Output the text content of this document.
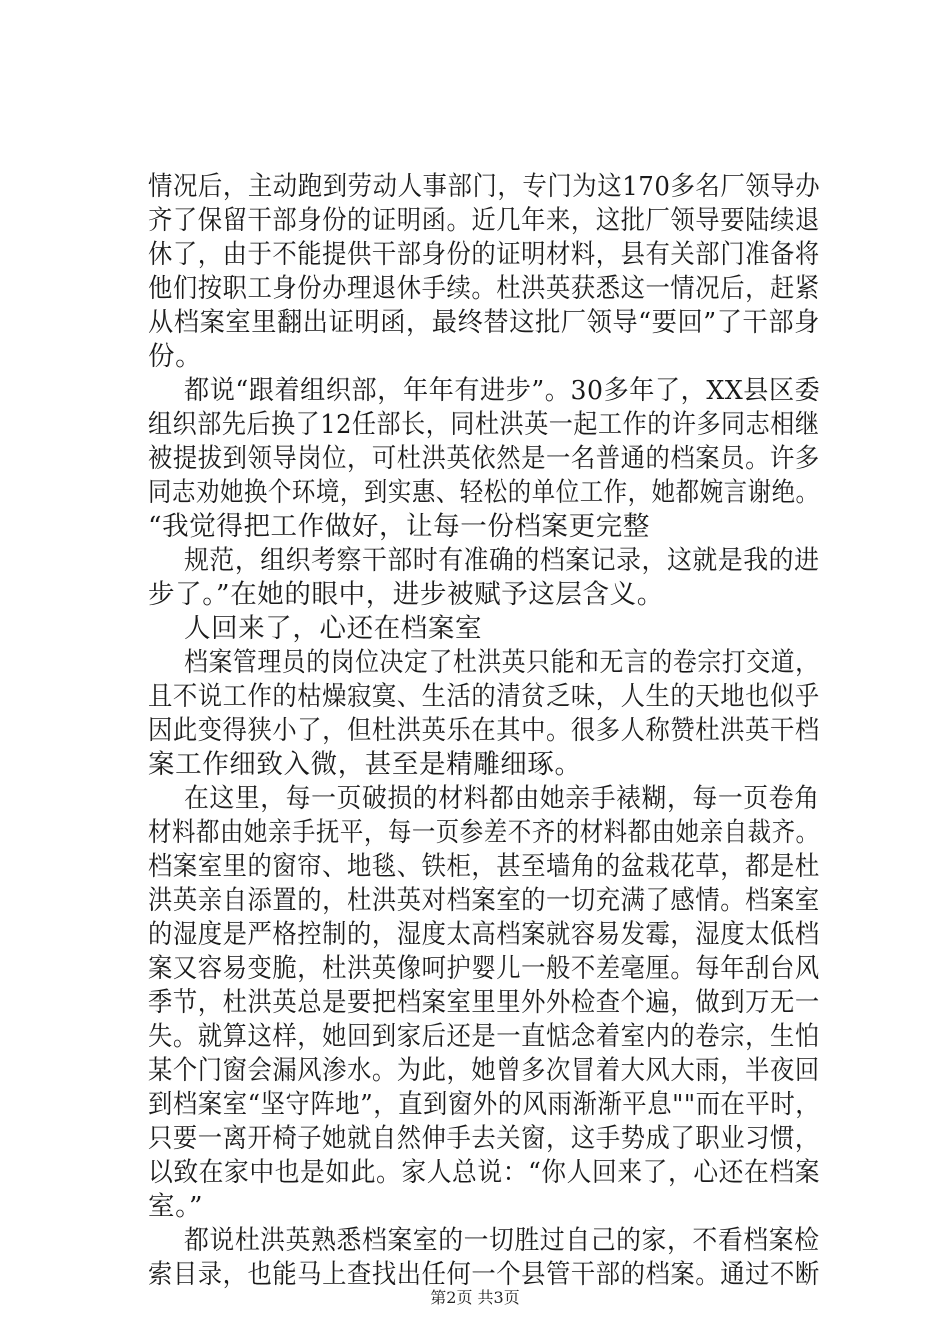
情况后，主动跑到劳动人事部门，专门为这170多名厂领导办
齐了保留干部身份的证明函。近几年来，这批厂领导要陆续退
休了，由于不能提供干部身份的证明材料，县有关部门准备将
他们按职工身份办理退休手续。杜洪英获悉这一情况后，赶紧
从档案室里翻出证明函，最终替这批厂领导“要回”了干部身
份。
都说“跟着组织部，年年有进步”。30多年了，XX县区委
组织部先后换了12任部长，同杜洪英一起工作的许多同志相继
被提拔到领导岗位，可杜洪英依然是一名普通的档案员。许多
同志劝她换个环境，到实惠、轻松的单位工作，她都婉言谢绝。
“我觉得把工作做好，让每一份档案更完整
规范，组织考察干部时有准确的档案记录，这就是我的进
步了。”在她的眼中，进步被赋予这层含义。
人回来了，心还在档案室
档案管理员的岗位决定了杜洪英只能和无言的卷宗打交道，
且不说工作的枯燥寂寞、生活的清贫乏味，人生的天地也似乎
因此变得狭小了，但杜洪英乐在其中。很多人称赞杜洪英干档
案工作细致入微，甚至是精雕细琢。
在这里，每一页破损的材料都由她亲手裱糊，每一页卷角
材料都由她亲手抚平，每一页参差不齐的材料都由她亲自裁齐。
档案室里的窗帘、地毯、铁柜，甚至墙角的盆栽花草，都是杜
洪英亲自添置的，杜洪英对档案室的一切充满了感情。档案室
的湿度是严格控制的，湿度太高档案就容易发霉，湿度太低档
案又容易变脆，杜洪英像呵护婴儿一般不差毫厘。每年刮台风
季节，杜洪英总是要把档案室里里外外检查个遍，做到万无一
失。就算这样，她回到家后还是一直惦念着室内的卷宗，生怕
某个门窗会漏风渗水。为此，她曾多次冒着大风大雨，半夜回
到档案室“坚守阵地”，直到窗外的风雨渐渐平息""而在平时，
只要一离开椅子她就自然伸手去关窗，这手势成了职业习惯，
以致在家中也是如此。家人总说：“你人回来了，心还在档案
室。”
都说杜洪英熟悉档案室的一切胜过自己的家，不看档案检
索目录，也能马上查找出任何一个县管干部的档案。通过不断
第2页 共3页
